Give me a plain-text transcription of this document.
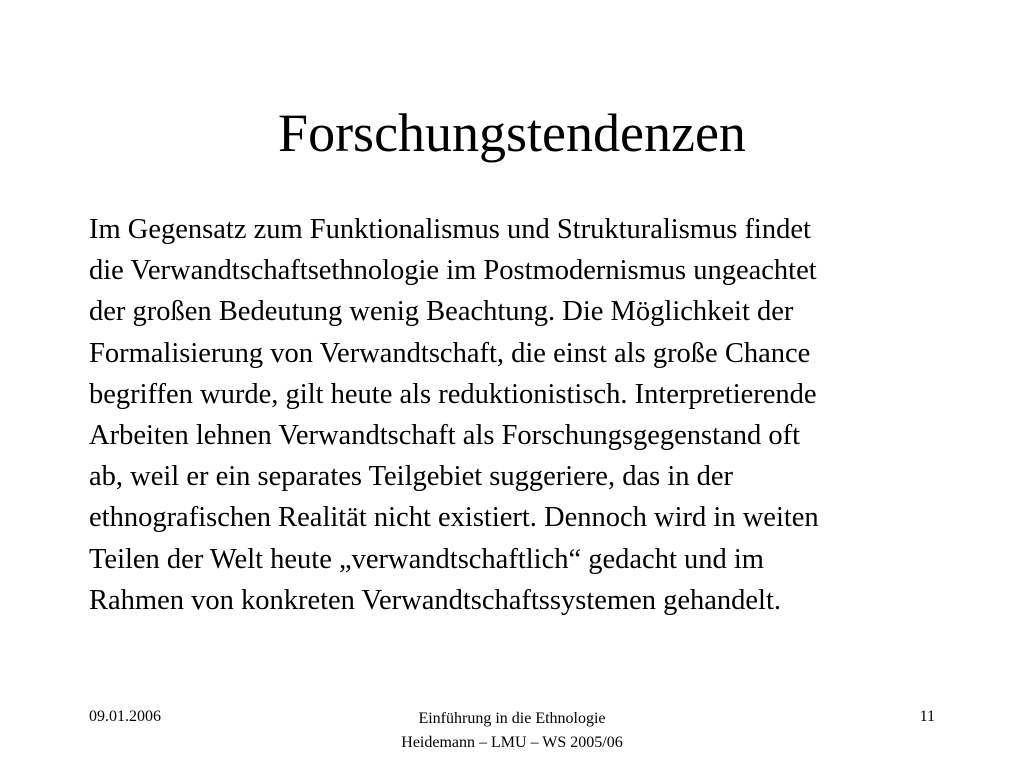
Forschungstendenzen
Im Gegensatz zum Funktionalismus und Strukturalismus findet
die Verwandtschaftsethnologie im Postmodernismus ungeachtet
der großen Bedeutung wenig Beachtung. Die Möglichkeit der
Formalisierung von Verwandtschaft, die einst als große Chance
begriffen wurde, gilt heute als reduktionistisch. Interpretierende
Arbeiten lehnen Verwandtschaft als Forschungsgegenstand oft
ab, weil er ein separates Teilgebiet suggeriere, das in der
ethnografischen Realität nicht existiert. Dennoch wird in weiten
Teilen der Welt heute „verwandtschaftlich“ gedacht und im
Rahmen von konkreten Verwandtschaftssystemen gehandelt.
09.01.2006	Einführung in die Ethnologie
Heidemann – LMU – WS 2005/06
11
